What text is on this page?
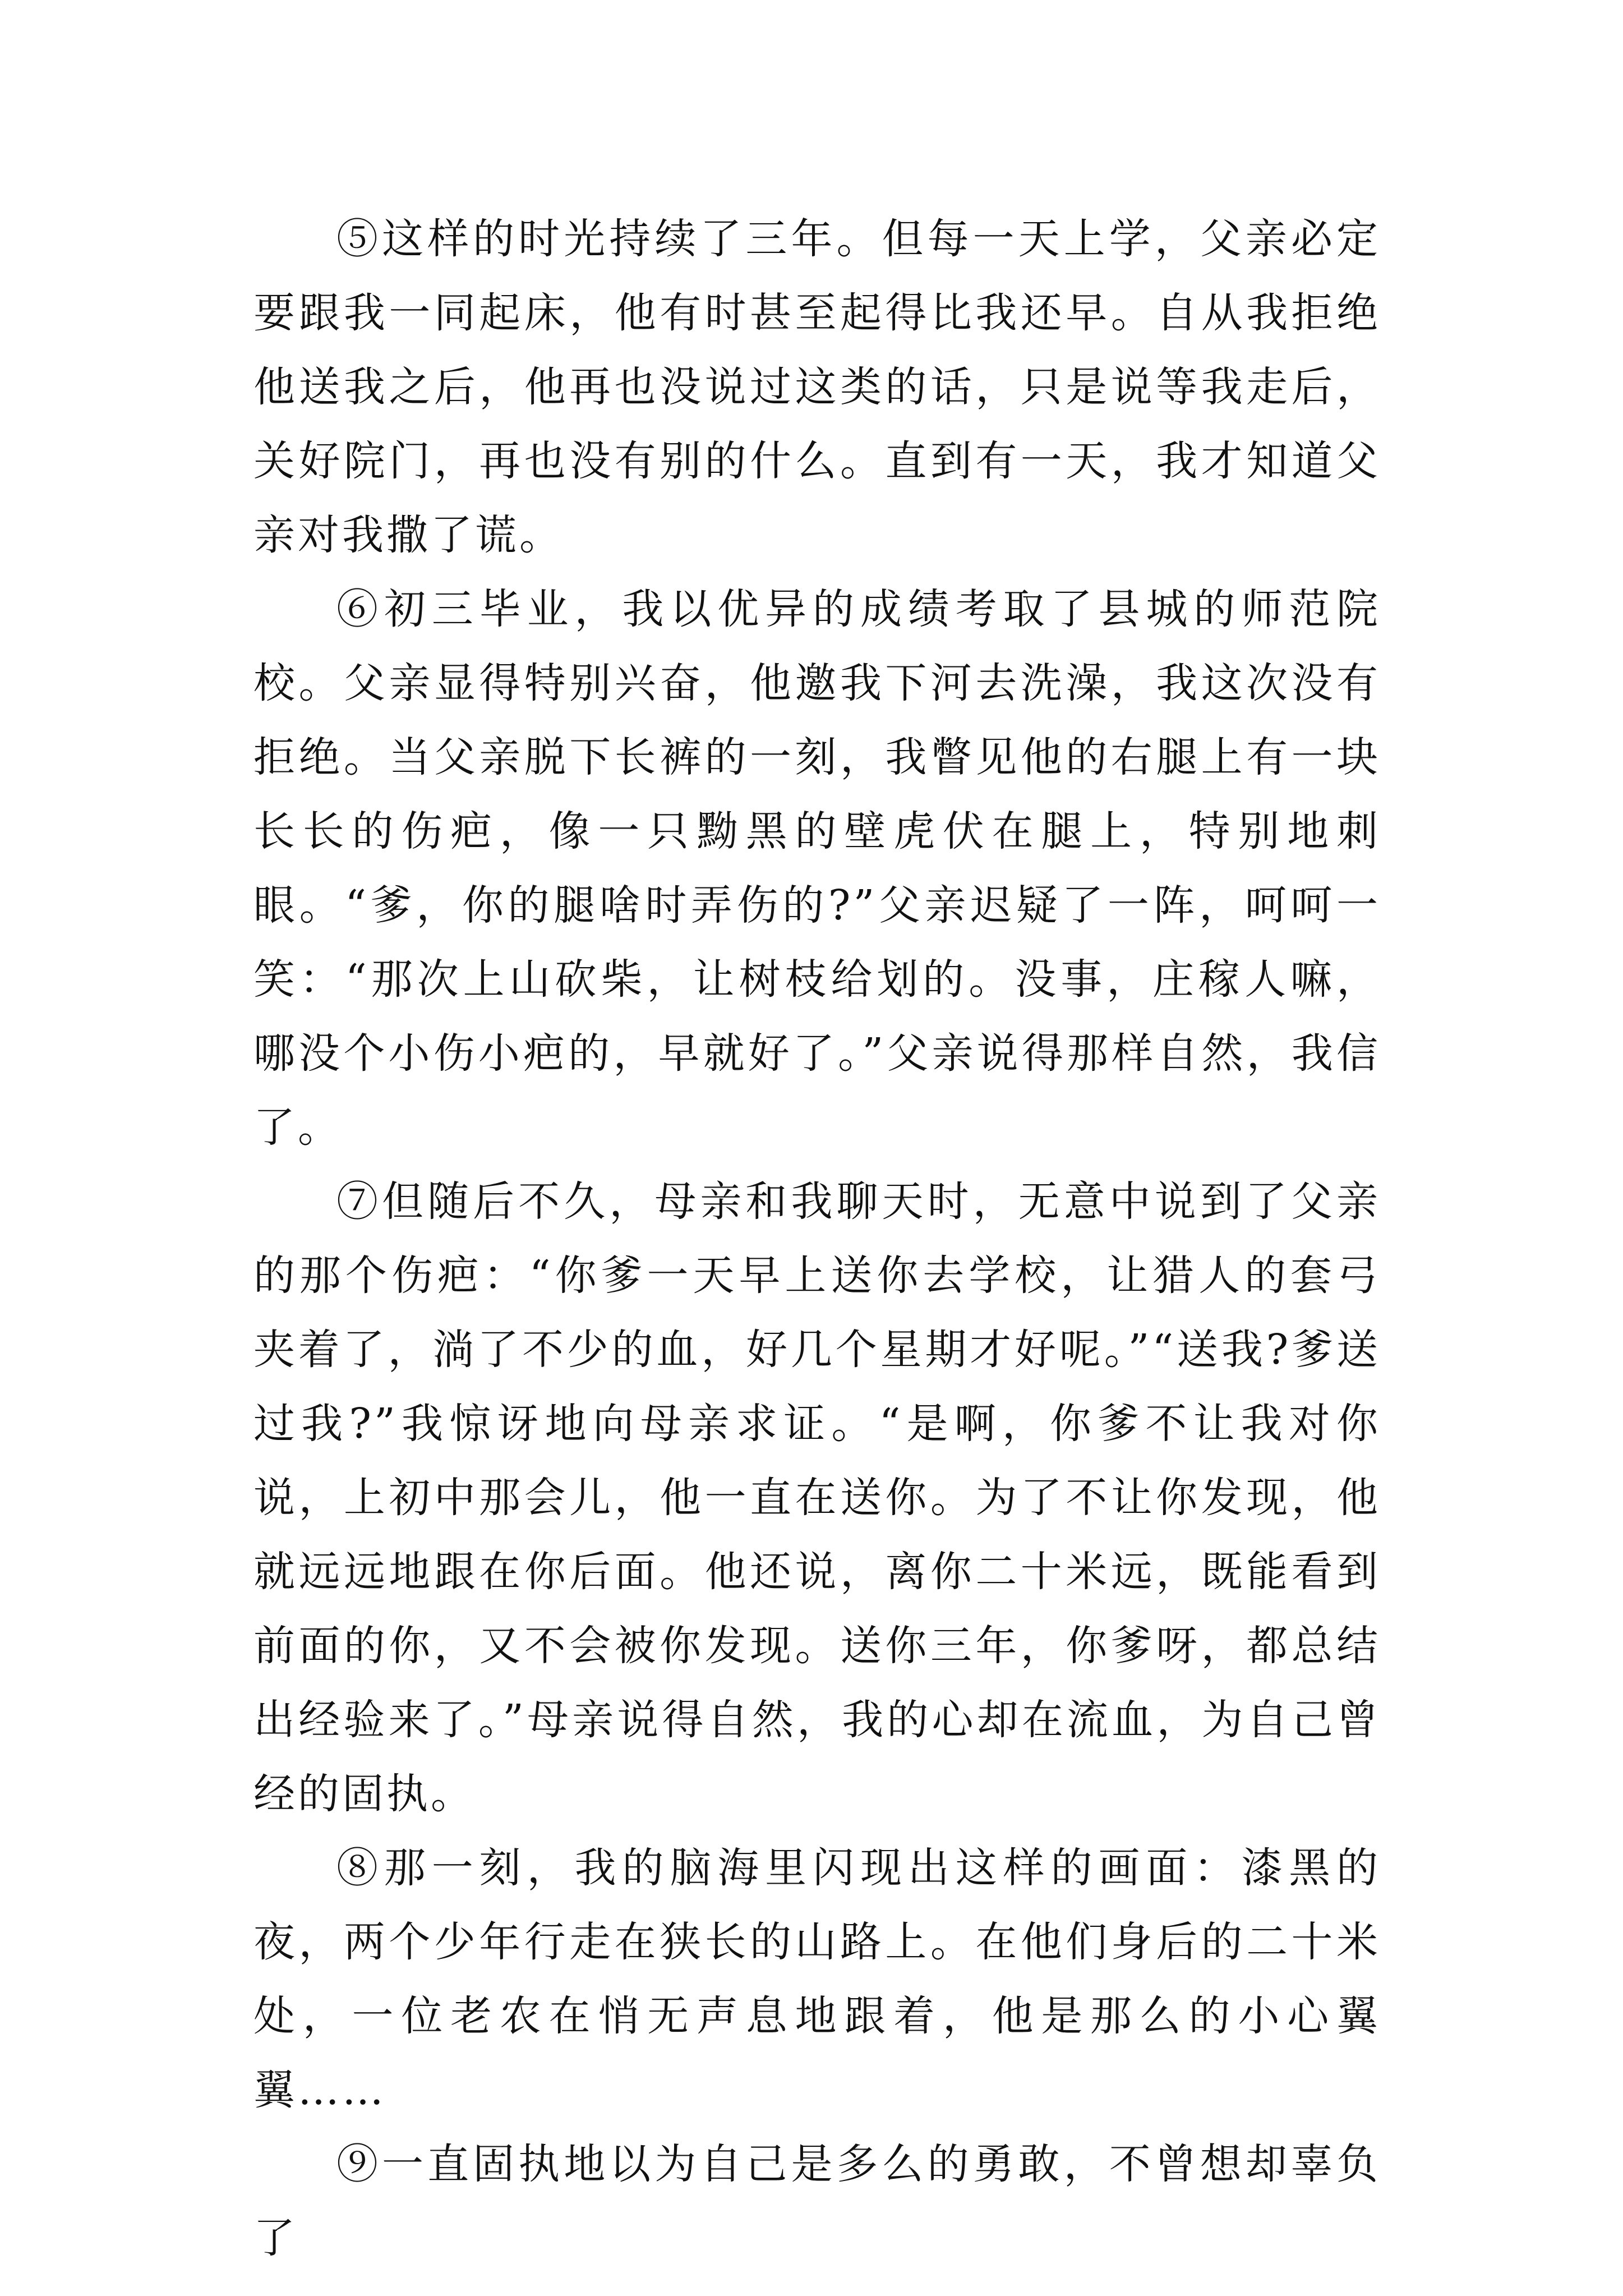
⑤这样的时光持续了三年。但每一天上学，父亲必定要跟我一同起床，他有时甚至起得比我还早。自从我拒绝他送我之后，他再也没说过这类的话，只是说等我走后，关好院门，再也没有别的什么。直到有一天，我才知道父亲对我撒了谎。

⑥初三毕业，我以优异的成绩考取了县城的师范院校。父亲显得特别兴奋，他邀我下河去洗澡，我这次没有拒绝。当父亲脱下长裤的一刻，我瞥见他的右腿上有一块长长的伤疤，像一只黝黑的壁虎伏在腿上，特别地刺眼。“爹，你的腿啥时弄伤的?”父亲迟疑了一阵，呵呵一笑：“那次上山砍柴，让树枝给划的。没事，庄稼人嘛，哪没个小伤小疤的，早就好了。”父亲说得那样自然，我信了。

⑦但随后不久，母亲和我聊天时，无意中说到了父亲的那个伤疤：“你爹一天早上送你去学校，让猎人的套弓夹着了，淌了不少的血，好几个星期才好呢。”“送我?爹送过我?”我惊讶地向母亲求证。“是啊，你爹不让我对你说，上初中那会儿，他一直在送你。为了不让你发现，他就远远地跟在你后面。他还说，离你二十米远，既能看到前面的你，又不会被你发现。送你三年，你爹呀，都总结出经验来了。”母亲说得自然，我的心却在流血，为自己曾经的固执。

⑧那一刻，我的脑海里闪现出这样的画面：漆黑的夜，两个少年行走在狭长的山路上。在他们身后的二十米处，一位老农在悄无声息地跟着，他是那么的小心翼翼……

⑨一直固执地以为自己是多么的勇敢，不曾想却辜负了
